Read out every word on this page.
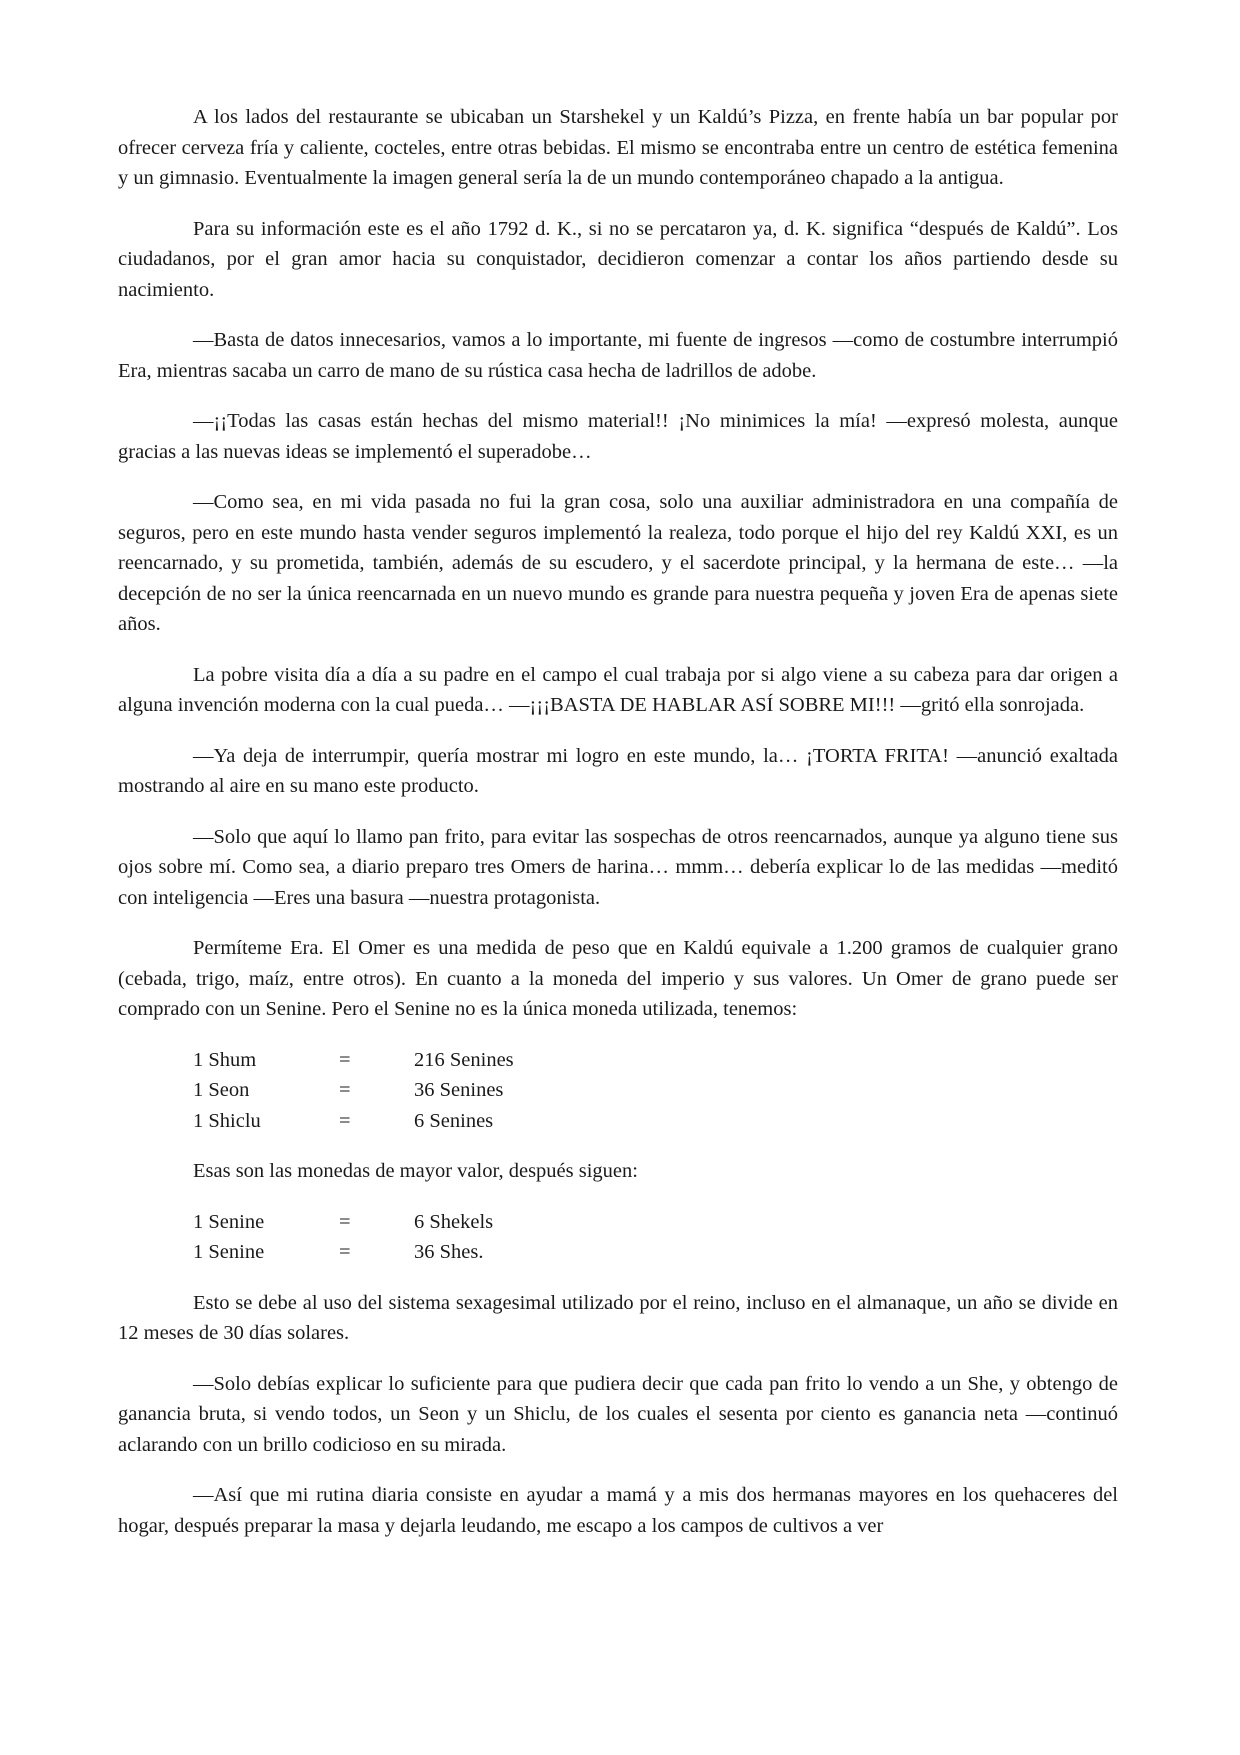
A los lados del restaurante se ubicaban un Starshekel y un Kaldú’s Pizza, en frente había un bar popular por ofrecer cerveza fría y caliente, cocteles, entre otras bebidas. El mismo se encontraba entre un centro de estética femenina y un gimnasio. Eventualmente la imagen general sería la de un mundo contemporáneo chapado a la antigua.

Para su información este es el año 1792 d. K., si no se percataron ya, d. K. significa “después de Kaldú”. Los ciudadanos, por el gran amor hacia su conquistador, decidieron comenzar a contar los años partiendo desde su nacimiento.

—Basta de datos innecesarios, vamos a lo importante, mi fuente de ingresos —como de costumbre interrumpió Era, mientras sacaba un carro de mano de su rústica casa hecha de ladrillos de adobe.

—¡¡Todas las casas están hechas del mismo material!! ¡No minimices la mía! —expresó molesta, aunque gracias a las nuevas ideas se implementó el superadobe…

—Como sea, en mi vida pasada no fui la gran cosa, solo una auxiliar administradora en una compañía de seguros, pero en este mundo hasta vender seguros implementó la realeza, todo porque el hijo del rey Kaldú XXI, es un reencarnado, y su prometida, también, además de su escudero, y el sacerdote principal, y la hermana de este… —la decepción de no ser la única reencarnada en un nuevo mundo es grande para nuestra pequeña y joven Era de apenas siete años.

La pobre visita día a día a su padre en el campo el cual trabaja por si algo viene a su cabeza para dar origen a alguna invención moderna con la cual pueda… —¡¡¡BASTA DE HABLAR ASÍ SOBRE MI!!! —gritó ella sonrojada.

—Ya deja de interrumpir, quería mostrar mi logro en este mundo, la… ¡TORTA FRITA! —anunció exaltada mostrando al aire en su mano este producto.

—Solo que aquí lo llamo pan frito, para evitar las sospechas de otros reencarnados, aunque ya alguno tiene sus ojos sobre mí. Como sea, a diario preparo tres Omers de harina… mmm… debería explicar lo de las medidas —meditó con inteligencia —Eres una basura —nuestra protagonista.

Permíteme Era. El Omer es una medida de peso que en Kaldú equivale a 1.200 gramos de cualquier grano (cebada, trigo, maíz, entre otros). En cuanto a la moneda del imperio y sus valores. Un Omer de grano puede ser comprado con un Senine. Pero el Senine no es la única moneda utilizada, tenemos:

1 Shum	=	216 Senines
1 Seon	=	36 Senines
1 Shiclu	=	6 Senines

Esas son las monedas de mayor valor, después siguen:

1 Senine	=	6 Shekels
1 Senine	=	36 Shes.

Esto se debe al uso del sistema sexagesimal utilizado por el reino, incluso en el almanaque, un año se divide en 12 meses de 30 días solares.

—Solo debías explicar lo suficiente para que pudiera decir que cada pan frito lo vendo a un She, y obtengo de ganancia bruta, si vendo todos, un Seon y un Shiclu, de los cuales el sesenta por ciento es ganancia neta —continuó aclarando con un brillo codicioso en su mirada.

—Así que mi rutina diaria consiste en ayudar a mamá y a mis dos hermanas mayores en los quehaceres del hogar, después preparar la masa y dejarla leudando, me escapo a los campos de cultivos a ver
